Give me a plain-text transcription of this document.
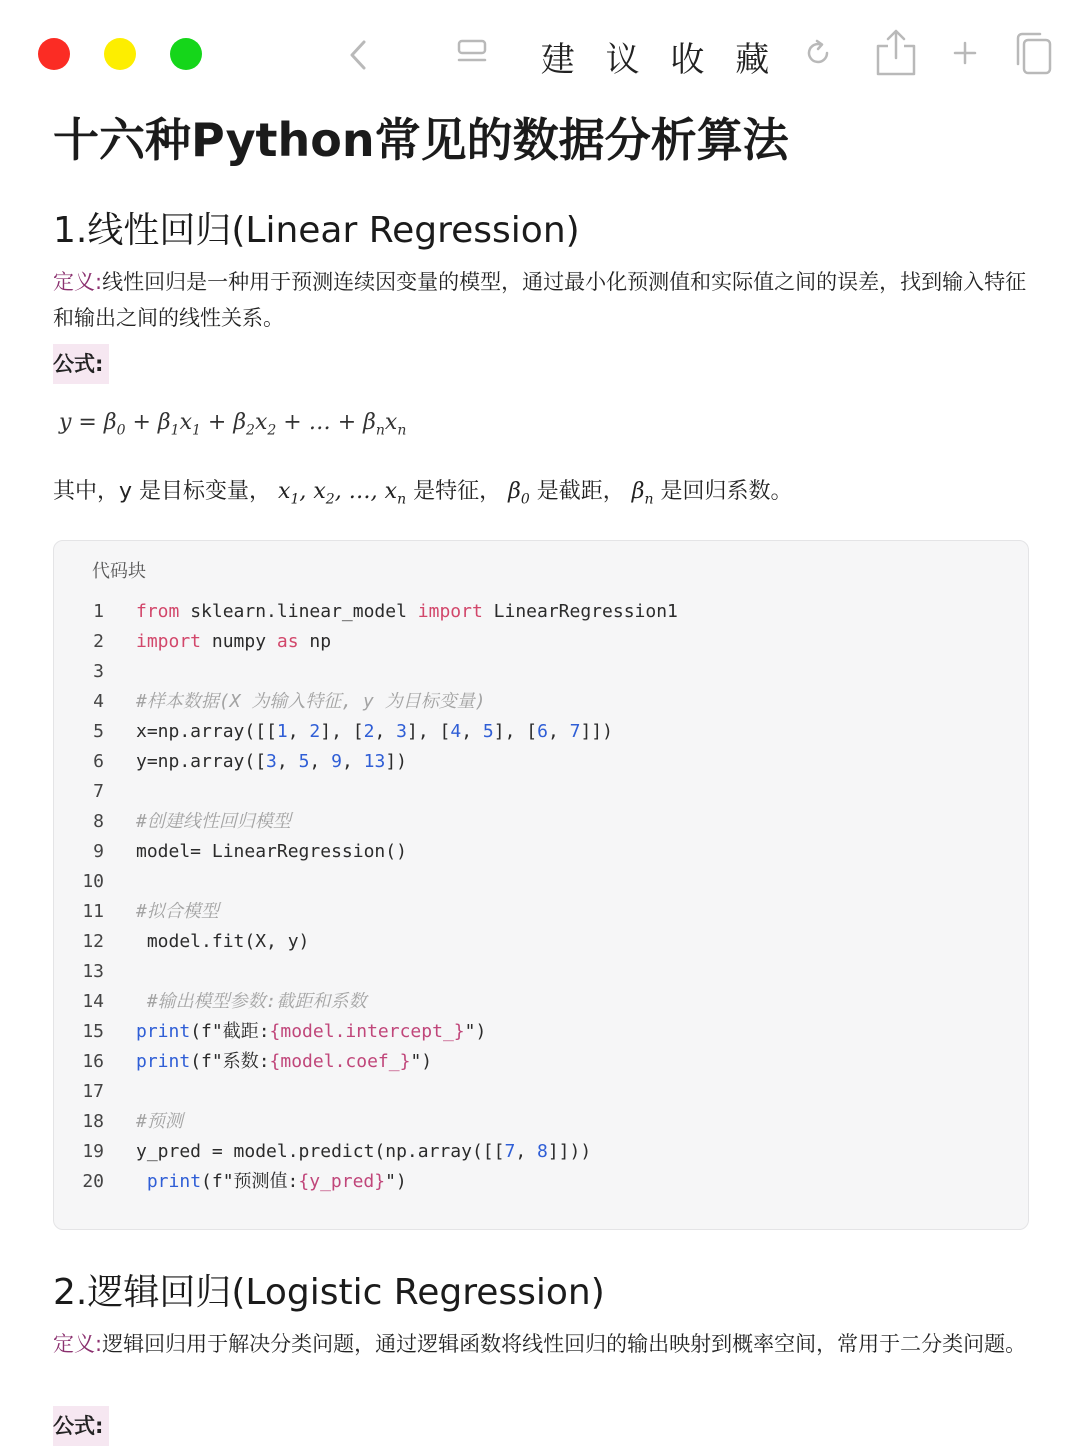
建 议 收 藏
十六种Python常见的数据分析算法
1.线性回归(Linear Regression)

定义:线性回归是一种用于预测连续因变量的模型，通过最小化预测值和实际值之间的误差，找到输入特征和输出之间的线性关系。

公式:
$y = \beta_0 + \beta_1x_1 + \beta_2x_2$ + … + $\beta_nx_n$
其中，y 是目标变量， $x_1$, $x_2$, …, $x_n$ 是特征， $\beta_0$ 是截距， $\beta_n$ 是回归系数。
代码块
1 from sklearn.linear_model import LinearRegression1
2 import numpy as np
3
4 #样本数据(X 为输入特征, y 为目标变量)
5 x=np.array([[1, 2], [2, 3], [4, 5], [6, 7]])
6 y=np.array([3, 5, 9, 13])
7
8 #创建线性回归模型
9 model= LinearRegression()
10
11 #拟合模型
12 model.fit(X, y)
13
14	#输出模型参数:截距和系数
15 print(f"截距:{model.intercept_}")
16 print(f"系数:{model.coef_}")
17
18 #预测
19 y_pred = model.predict(np.array([[7, 8]]))
20	print(f"预测值:{y_pred}")
2.逻辑回归(Logistic Regression)

定义:逻辑回归用于解决分类问题，通过逻辑函数将线性回归的输出映射到概率空间，常用于二分类问题。

公式:
